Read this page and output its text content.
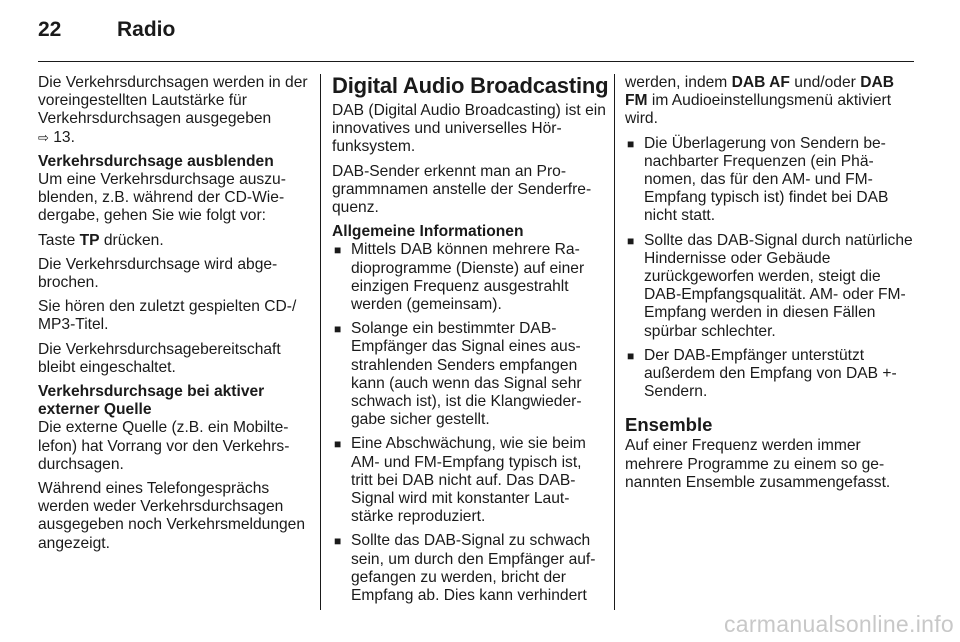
22	Radio

Die Verkehrsdurchsagen werden in der voreingestellten Lautstärke für Verkehrsdurchsagen ausgegeben
⇨ 13.

Verkehrsdurchsage ausblenden

Um eine Verkehrsdurchsage auszublenden, z.B. während der CD-Wiedergabe, gehen Sie wie folgt vor:

Taste TP drücken.

Die Verkehrsdurchsage wird abgebrochen.

Sie hören den zuletzt gespielten CD-/ MP3-Titel.

Die Verkehrsdurchsagebereitschaft bleibt eingeschaltet.

Verkehrsdurchsage bei aktiver externer Quelle

Die externe Quelle (z.B. ein Mobiltelefon) hat Vorrang vor den Verkehrsdurchsagen.

Während eines Telefongesprächs werden weder Verkehrsdurchsagen ausgegeben noch Verkehrsmeldungen angezeigt.

Digital Audio Broadcasting

DAB (Digital Audio Broadcasting) ist ein innovatives und universelles Hörfunksystem.

DAB-Sender erkennt man an Programmnamen anstelle der Senderfrequenz.

Allgemeine Informationen

■ Mittels DAB können mehrere Radioprogramme (Dienste) auf einer einzigen Frequenz ausgestrahlt werden (gemeinsam).
■ Solange ein bestimmter DAB-Empfänger das Signal eines ausstrahlenden Senders empfangen kann (auch wenn das Signal sehr schwach ist), ist die Klangwiedergabe sicher gestellt.
■ Eine Abschwächung, wie sie beim AM- und FM-Empfang typisch ist, tritt bei DAB nicht auf. Das DAB-Signal wird mit konstanter Lautstärke reproduziert.
■ Sollte das DAB-Signal zu schwach sein, um durch den Empfänger aufgefangen zu werden, bricht der Empfang ab. Dies kann verhindert

werden, indem DAB AF und/oder DAB FM im Audioeinstellungsmenü aktiviert wird.

■ Die Überlagerung von Sendern benachbarter Frequenzen (ein Phänomen, das für den AM- und FM-Empfang typisch ist) findet bei DAB nicht statt.
■ Sollte das DAB-Signal durch natürliche Hindernisse oder Gebäude zurückgeworfen werden, steigt die DAB-Empfangsqualität. AM- oder FM-Empfang werden in diesen Fällen spürbar schlechter.
■ Der DAB-Empfänger unterstützt außerdem den Empfang von DAB +-Sendern.
Ensemble

Auf einer Frequenz werden immer mehrere Programme zu einem so genannten Ensemble zusammengefasst.

carmanualsonline.info
